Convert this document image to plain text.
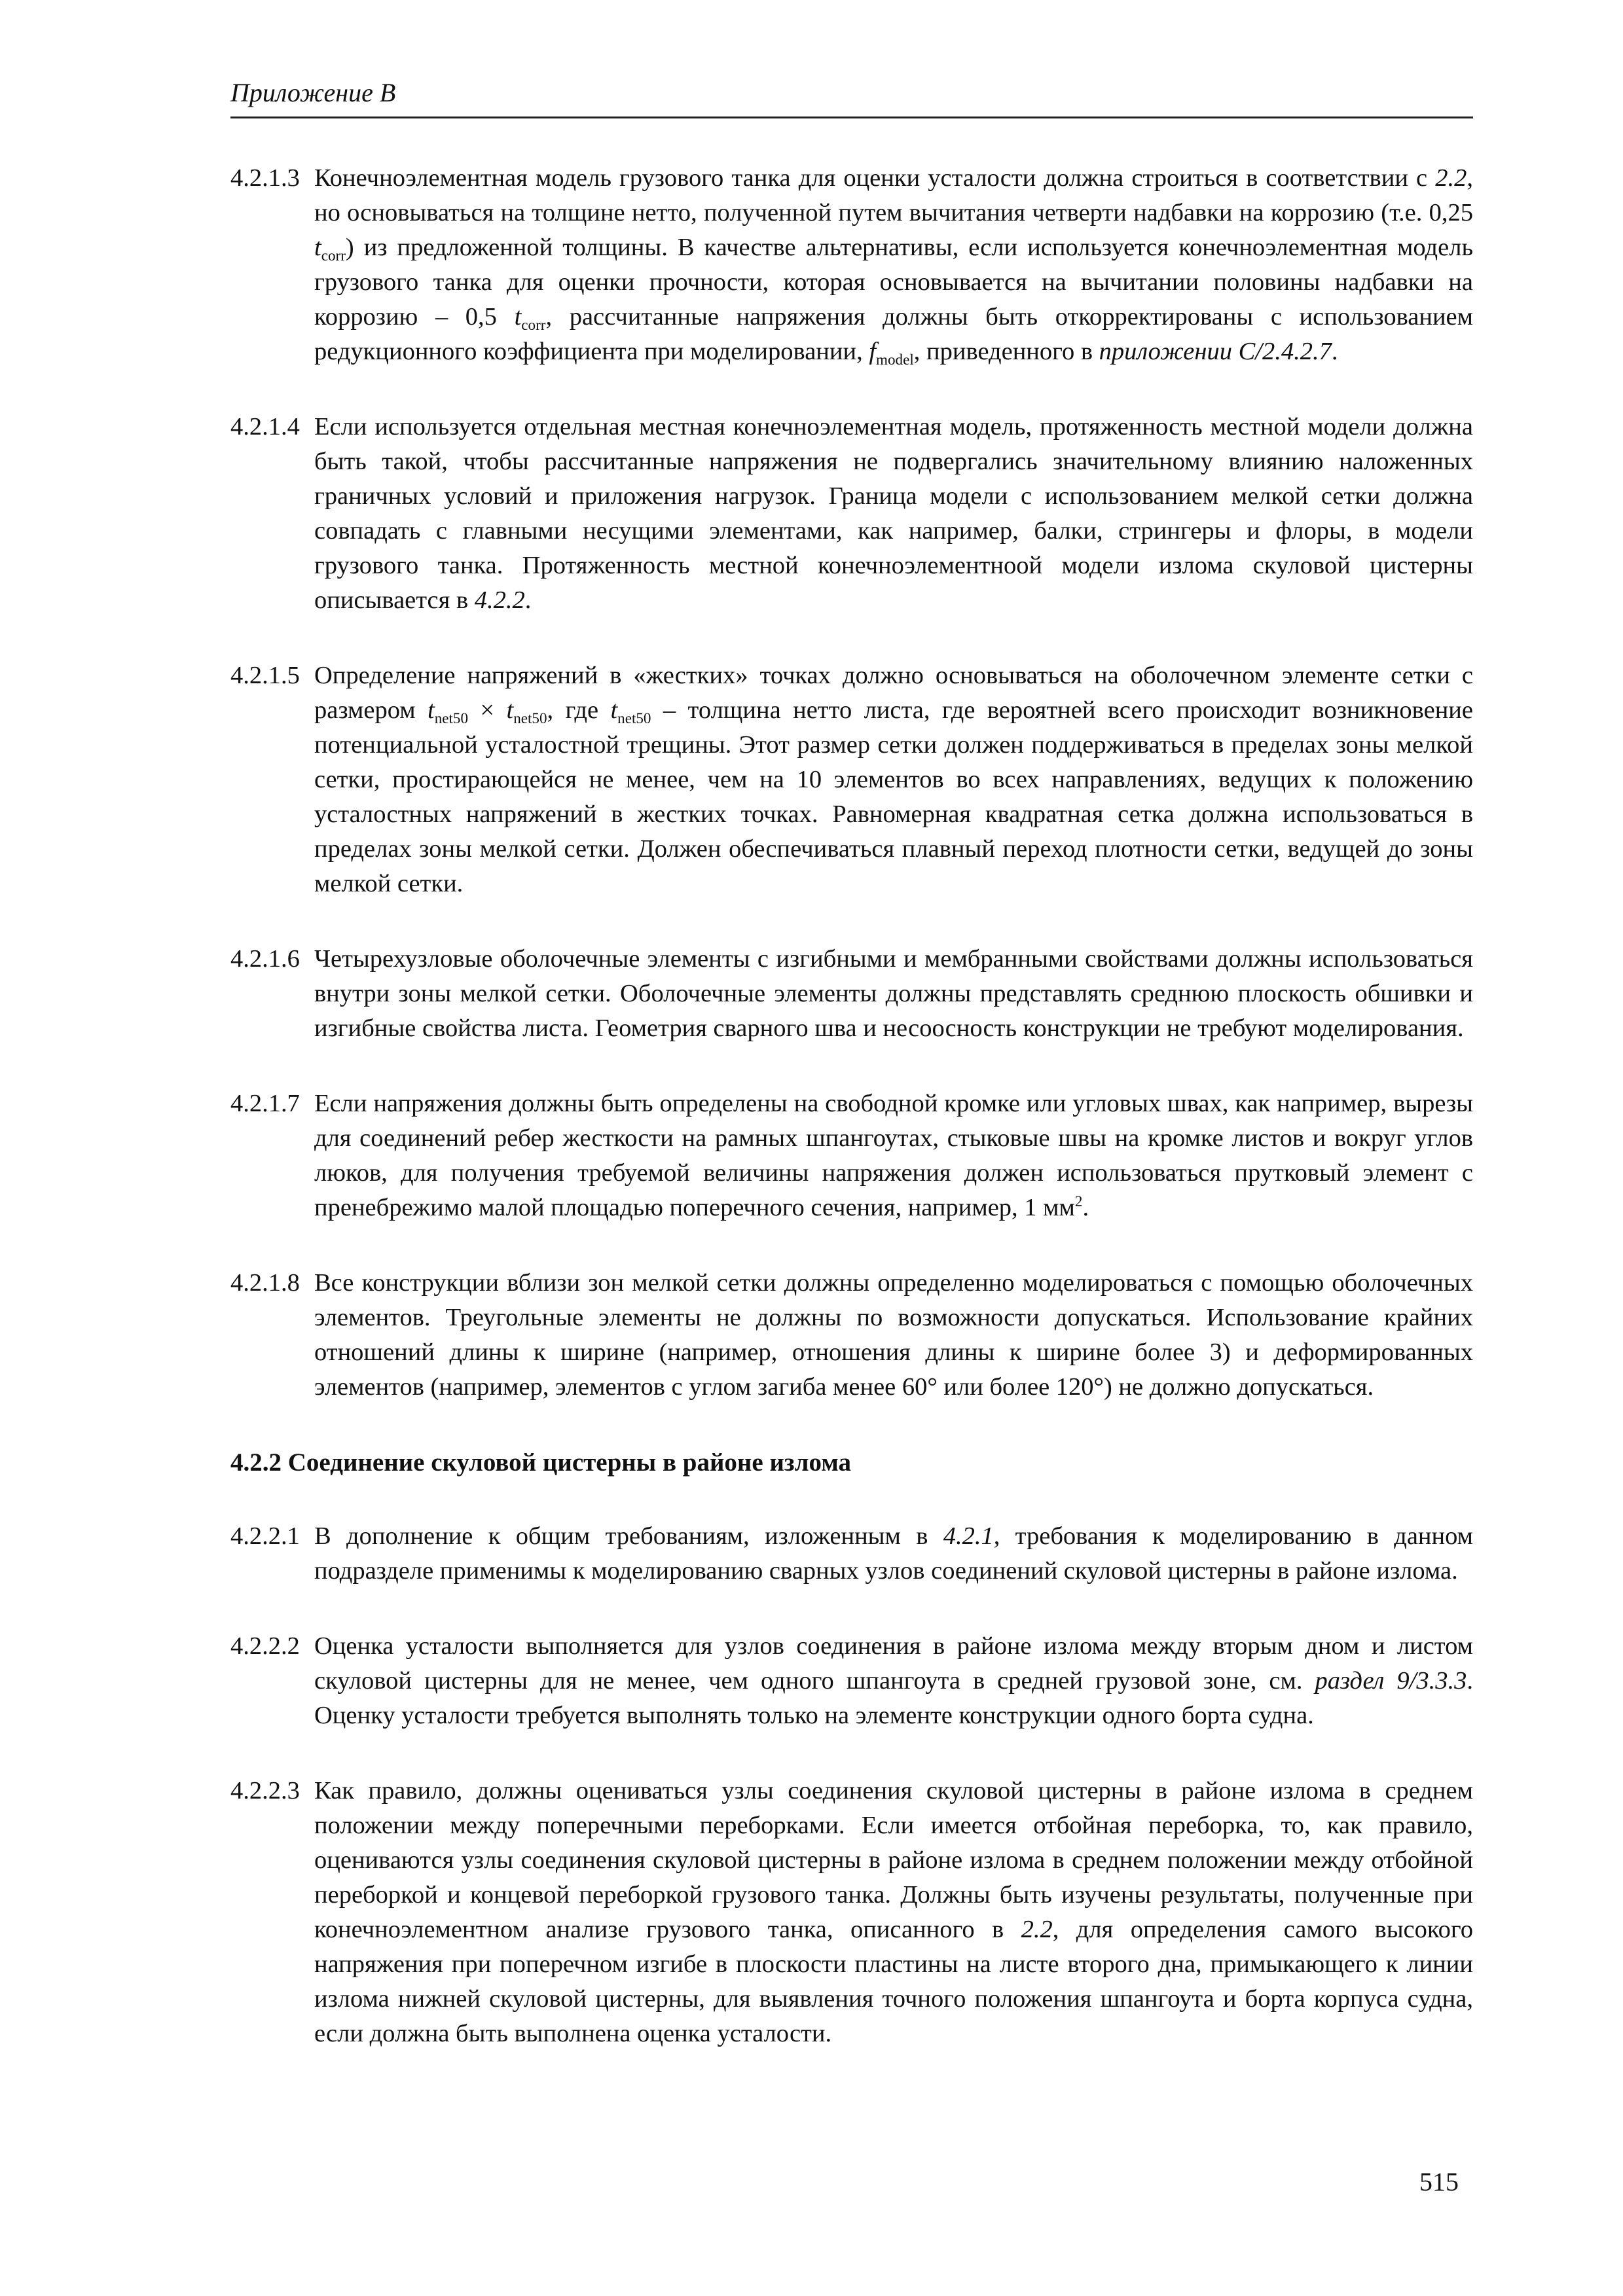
Приложение В
4.2.1.3 Конечноэлементная модель грузового танка для оценки усталости должна строиться в соответствии с 2.2, но основываться на толщине нетто, полученной путем вычитания четверти надбавки на коррозию (т.е. 0,25 $t_{corr}$) из предложенной толщины. В качестве альтернативы, если используется конечноэлементная модель грузового танка для оценки прочности, которая основывается на вычитании половины надбавки на коррозию – 0,5 $t_{corr}$, рассчитанные напряжения должны быть откорректированы с использованием редукционного коэффициента при моделировании, $f_{model}$, приведенного в приложении С/2.4.2.7.
4.2.1.4 Если используется отдельная местная конечноэлементная модель, протяженность местной модели должна быть такой, чтобы рассчитанные напряжения не подвергались значительному влиянию наложенных граничных условий и приложения нагрузок. Граница модели с использованием мелкой сетки должна совпадать с главными несущими элементами, как например, балки, стрингеры и флоры, в модели грузового танка. Протяженность местной конечноэлементноой модели излома скуловой цистерны описывается в 4.2.2.
4.2.1.5 Определение напряжений в «жестких» точках должно основываться на оболочечном элементе сетки с размером $t_{net50} \times t_{net50}$, где $t_{net50}$ – толщина нетто листа, где вероятней всего происходит возникновение потенциальной усталостной трещины. Этот размер сетки должен поддерживаться в пределах зоны мелкой сетки, простирающейся не менее, чем на 10 элементов во всех направлениях, ведущих к положению усталостных напряжений в жестких точках. Равномерная квадратная сетка должна использоваться в пределах зоны мелкой сетки. Должен обеспечиваться плавный переход плотности сетки, ведущей до зоны мелкой сетки.
4.2.1.6 Четырехузловые оболочечные элементы с изгибными и мембранными свойствами должны использоваться внутри зоны мелкой сетки. Оболочечные элементы должны представлять среднюю плоскость обшивки и изгибные свойства листа. Геометрия сварного шва и несоосность конструкции не требуют моделирования.
4.2.1.7 Если напряжения должны быть определены на свободной кромке или угловых швах, как например, вырезы для соединений ребер жесткости на рамных шпангоутах, стыковые швы на кромке листов и вокруг углов люков, для получения требуемой величины напряжения должен использоваться прутковый элемент с пренебрежимо малой площадью поперечного сечения, например, 1 $мм^2$.
4.2.1.8 Все конструкции вблизи зон мелкой сетки должны определенно моделироваться с помощью оболочечных элементов. Треугольные элементы не должны по возможности допускаться. Использование крайних отношений длины к ширине (например, отношения длины к ширине более 3) и деформированных элементов (например, элементов с углом загиба менее 60° или более 120°) не должно допускаться.
4.2.2 Соединение скуловой цистерны в районе излома
4.2.2.1 В дополнение к общим требованиям, изложенным в 4.2.1, требования к моделированию в данном подразделе применимы к моделированию сварных узлов соединений скуловой цистерны в районе излома.
4.2.2.2 Оценка усталости выполняется для узлов соединения в районе излома между вторым дном и листом скуловой цистерны для не менее, чем одного шпангоута в средней грузовой зоне, см. раздел 9/3.3.3. Оценку усталости требуется выполнять только на элементе конструкции одного борта судна.
4.2.2.3 Как правило, должны оцениваться узлы соединения скуловой цистерны в районе излома в среднем положении между поперечными переборками. Если имеется отбойная переборка, то, как правило, оцениваются узлы соединения скуловой цистерны в районе излома в среднем положении между отбойной переборкой и концевой переборкой грузового танка. Должны быть изучены результаты, полученные при конечноэлементном анализе грузового танка, описанного в 2.2, для определения самого высокого напряжения при поперечном изгибе в плоскости пластины на листе второго дна, примыкающего к линии излома нижней скуловой цистерны, для выявления точного положения шпангоута и борта корпуса судна, если должна быть выполнена оценка усталости.
515
